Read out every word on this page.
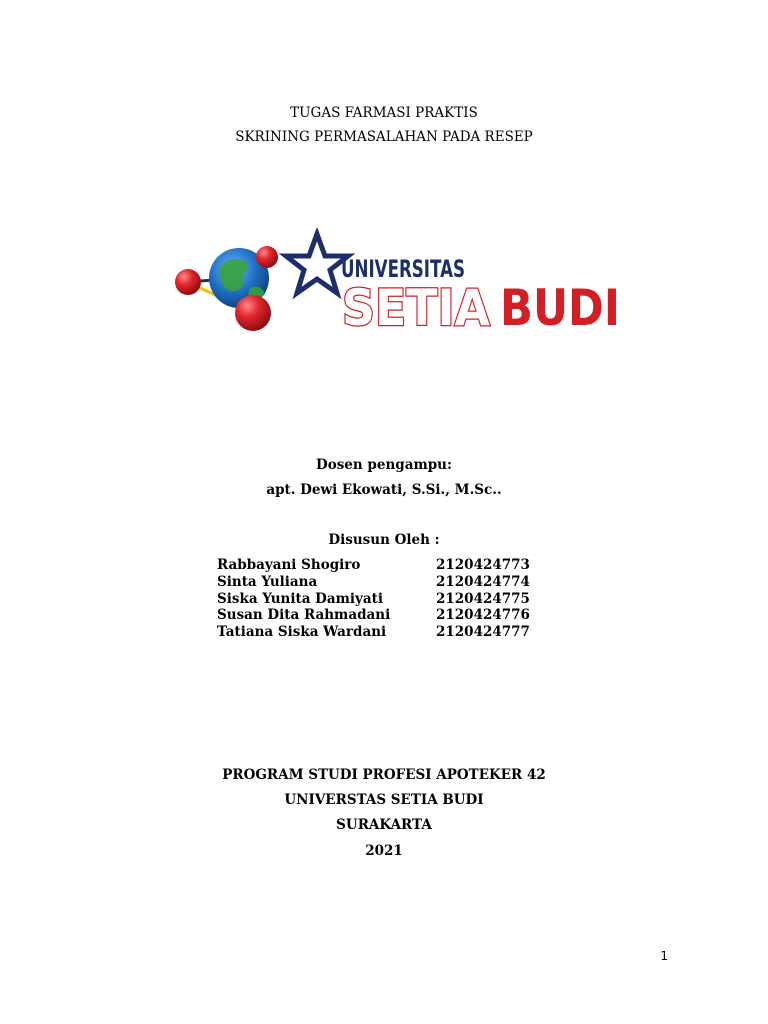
TUGAS FARMASI PRAKTIS
SKRINING PERMASALAHAN PADA RESEP
UNIVERSITAS
SETIA BUDI
Dosen pengampu:
apt. Dewi Ekowati, S.Si., M.Sc..
Disusun Oleh :
Rabbayani Shogiro	2120424773
Sinta Yuliana	2120424774
Siska Yunita Damiyati	2120424775
Susan Dita Rahmadani	2120424776
Tatiana Siska Wardani	2120424777
PROGRAM STUDI PROFESI APOTEKER 42
UNIVERSTAS SETIA BUDI
SURAKARTA
2021
1
